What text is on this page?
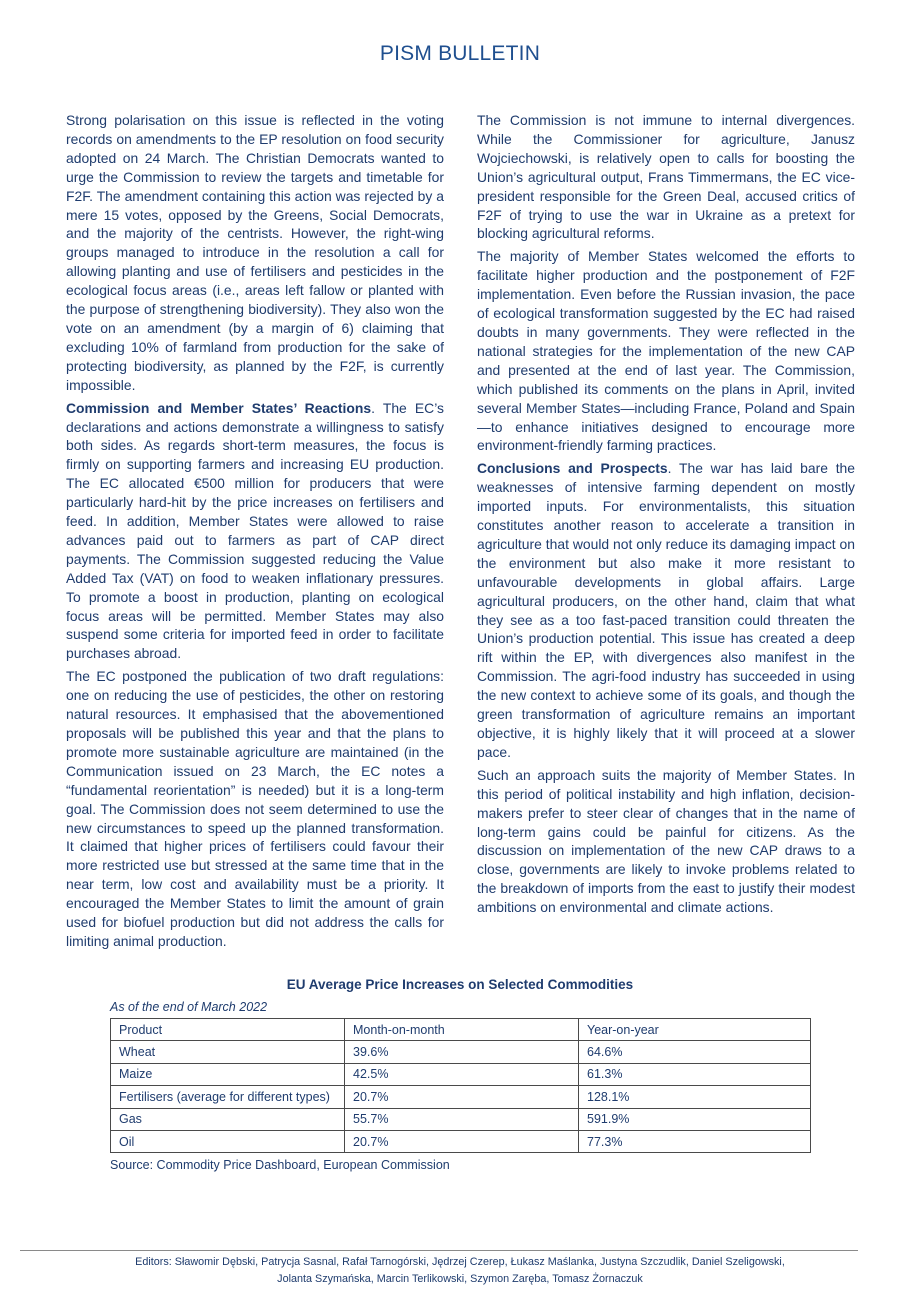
PISM BULLETIN

Strong polarisation on this issue is reflected in the voting records on amendments to the EP resolution on food security adopted on 24 March. The Christian Democrats wanted to urge the Commission to review the targets and timetable for F2F. The amendment containing this action was rejected by a mere 15 votes, opposed by the Greens, Social Democrats, and the majority of the centrists. However, the right-wing groups managed to introduce in the resolution a call for allowing planting and use of fertilisers and pesticides in the ecological focus areas (i.e., areas left fallow or planted with the purpose of strengthening biodiversity). They also won the vote on an amendment (by a margin of 6) claiming that excluding 10% of farmland from production for the sake of protecting biodiversity, as planned by the F2F, is currently impossible.

Commission and Member States’ Reactions. The EC’s declarations and actions demonstrate a willingness to satisfy both sides. As regards short-term measures, the focus is firmly on supporting farmers and increasing EU production. The EC allocated €500 million for producers that were particularly hard-hit by the price increases on fertilisers and feed. In addition, Member States were allowed to raise advances paid out to farmers as part of CAP direct payments. The Commission suggested reducing the Value Added Tax (VAT) on food to weaken inflationary pressures. To promote a boost in production, planting on ecological focus areas will be permitted. Member States may also suspend some criteria for imported feed in order to facilitate purchases abroad.

The EC postponed the publication of two draft regulations: one on reducing the use of pesticides, the other on restoring natural resources. It emphasised that the abovementioned proposals will be published this year and that the plans to promote more sustainable agriculture are maintained (in the Communication issued on 23 March, the EC notes a “fundamental reorientation” is needed) but it is a long-term goal. The Commission does not seem determined to use the new circumstances to speed up the planned transformation. It claimed that higher prices of fertilisers could favour their more restricted use but stressed at the same time that in the near term, low cost and availability must be a priority. It encouraged the Member States to limit the amount of grain used for biofuel production but did not address the calls for limiting animal production.

The Commission is not immune to internal divergences. While the Commissioner for agriculture, Janusz Wojciechowski, is relatively open to calls for boosting the Union’s agricultural output, Frans Timmermans, the EC vice-president responsible for the Green Deal, accused critics of F2F of trying to use the war in Ukraine as a pretext for blocking agricultural reforms.

The majority of Member States welcomed the efforts to facilitate higher production and the postponement of F2F implementation. Even before the Russian invasion, the pace of ecological transformation suggested by the EC had raised doubts in many governments. They were reflected in the national strategies for the implementation of the new CAP and presented at the end of last year. The Commission, which published its comments on the plans in April, invited several Member States—including France, Poland and Spain—to enhance initiatives designed to encourage more environment-friendly farming practices.

Conclusions and Prospects. The war has laid bare the weaknesses of intensive farming dependent on mostly imported inputs. For environmentalists, this situation constitutes another reason to accelerate a transition in agriculture that would not only reduce its damaging impact on the environment but also make it more resistant to unfavourable developments in global affairs. Large agricultural producers, on the other hand, claim that what they see as a too fast-paced transition could threaten the Union’s production potential. This issue has created a deep rift within the EP, with divergences also manifest in the Commission. The agri-food industry has succeeded in using the new context to achieve some of its goals, and though the green transformation of agriculture remains an important objective, it is highly likely that it will proceed at a slower pace.

Such an approach suits the majority of Member States. In this period of political instability and high inflation, decision-makers prefer to steer clear of changes that in the name of long-term gains could be painful for citizens. As the discussion on implementation of the new CAP draws to a close, governments are likely to invoke problems related to the breakdown of imports from the east to justify their modest ambitions on environmental and climate actions.

EU Average Price Increases on Selected Commodities
As of the end of March 2022
Product	Month-on-month	Year-on-year
Wheat	39.6%	64.6%
Maize	42.5%	61.3%
Fertilisers (average for different types)	20.7%	128.1%
Gas	55.7%	591.9%
Oil	20.7%	77.3%
Source: Commodity Price Dashboard, European Commission
Editors: Sławomir Dębski, Patrycja Sasnal, Rafał Tarnogórski, Jędrzej Czerep, Łukasz Maślanka, Justyna Szczudlik, Daniel Szeligowski,
Jolanta Szymańska, Marcin Terlikowski, Szymon Zaręba, Tomasz Żornaczuk
